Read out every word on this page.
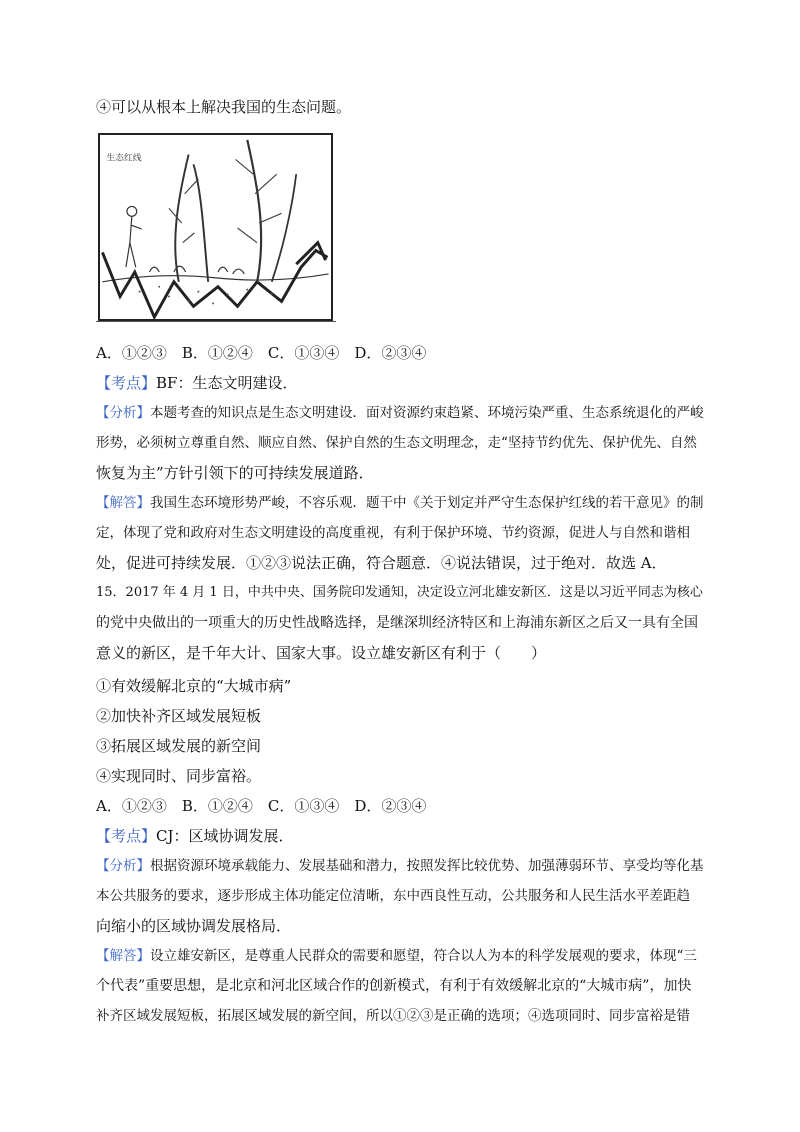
④可以从根本上解决我国的生态问题。
生态红线
A．①②③　B．①②④　C．①③④　D．②③④
【考点】BF：生态文明建设．
【分析】本题考查的知识点是生态文明建设．面对资源约束趋紧、环境污染严重、生态系统退化的严峻
形势，必须树立尊重自然、顺应自然、保护自然的生态文明理念，走“坚持节约优先、保护优先、自然
恢复为主”方针引领下的可持续发展道路．
【解答】我国生态环境形势严峻，不容乐观．题干中《关于划定并严守生态保护红线的若干意见》的制
定，体现了党和政府对生态文明建设的高度重视，有利于保护环境、节约资源，促进人与自然和谐相
处，促进可持续发展．①②③说法正确，符合题意．④说法错误，过于绝对．故选 A．
15．2017 年 4 月 1 日，中共中央、国务院印发通知，决定设立河北雄安新区．这是以习近平同志为核心
的党中央做出的一项重大的历史性战略选择，是继深圳经济特区和上海浦东新区之后又一具有全国
意义的新区，是千年大计、国家大事。设立雄安新区有利于（　　）
①有效缓解北京的“大城市病”
②加快补齐区域发展短板
③拓展区域发展的新空间
④实现同时、同步富裕。
A．①②③　B．①②④　C．①③④　D．②③④
【考点】CJ：区域协调发展．
【分析】根据资源环境承载能力、发展基础和潜力，按照发挥比较优势、加强薄弱环节、享受均等化基
本公共服务的要求，逐步形成主体功能定位清晰，东中西良性互动，公共服务和人民生活水平差距趋
向缩小的区域协调发展格局．
【解答】设立雄安新区，是尊重人民群众的需要和愿望，符合以人为本的科学发展观的要求，体现“三
个代表”重要思想，是北京和河北区域合作的创新模式，有利于有效缓解北京的“大城市病”，加快
补齐区域发展短板，拓展区域发展的新空间，所以①②③是正确的选项；④选项同时、同步富裕是错
